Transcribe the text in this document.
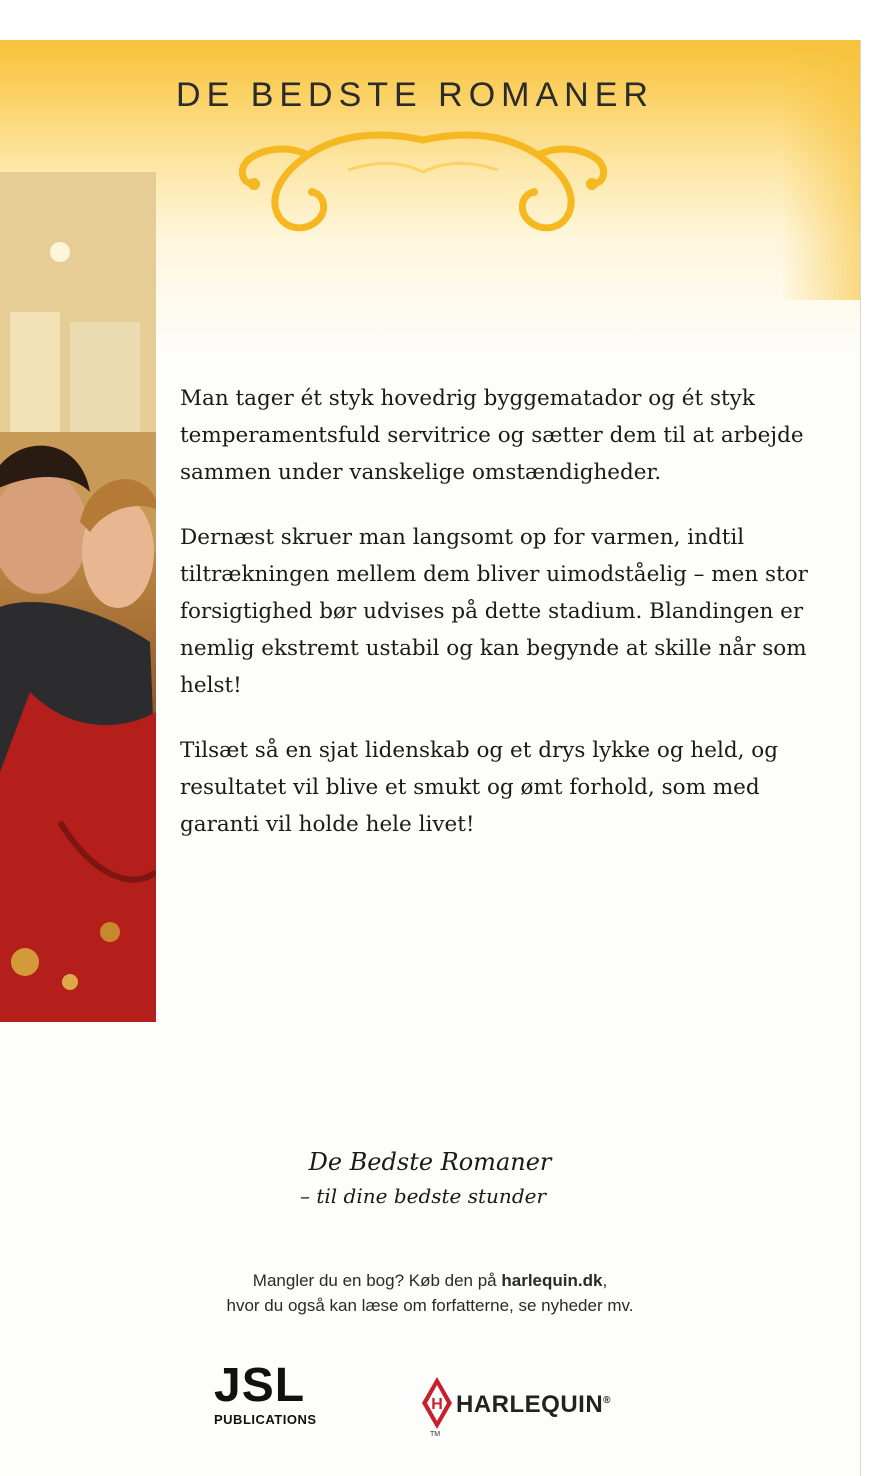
DE BEDSTE ROMANER

Man tager ét styk hovedrig byggematador og ét styk temperamentsfuld servitrice og sætter dem til at arbejde sammen under vanskelige omstændigheder.

Dernæst skruer man langsomt op for varmen, indtil tiltrækningen mellem dem bliver uimodståelig – men stor forsigtighed bør udvises på dette stadium. Blandingen er nemlig ekstremt ustabil og kan begynde at skille når som helst!

Tilsæt så en sjat lidenskab og et drys lykke og held, og resultatet vil blive et smukt og ømt forhold, som med garanti vil holde hele livet!

De Bedste Romaner
– til dine bedste stunder
Mangler du en bog? Køb den på harlequin.dk,
hvor du også kan læse om forfatterne, se nyheder mv.
JSL
PUBLICATIONS
H HARLEQUIN®
TM
